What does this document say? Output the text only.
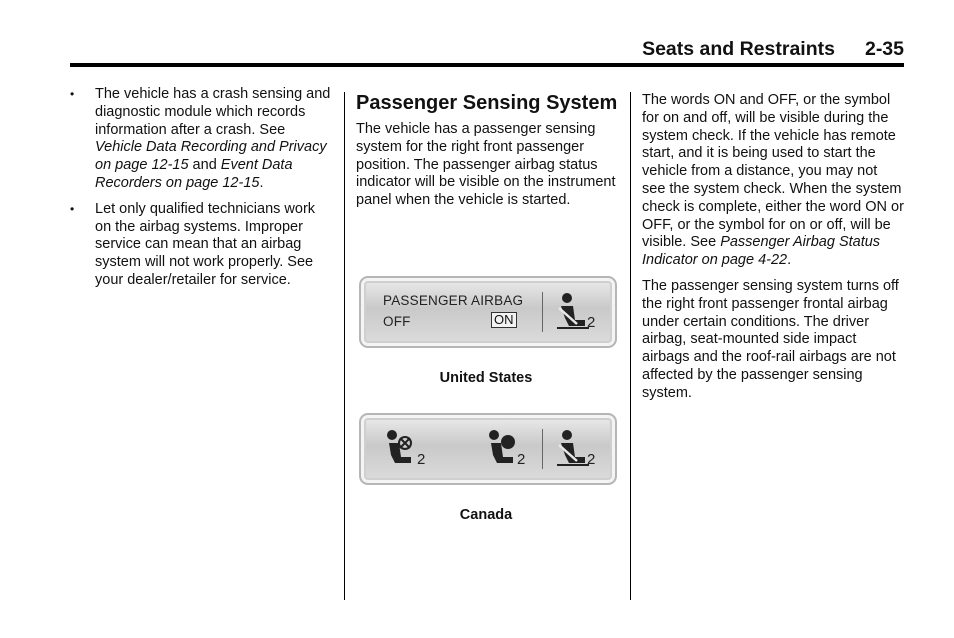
Seats and Restraints 2-35
• The vehicle has a crash sensing and diagnostic module which records information after a crash. See Vehicle Data Recording and Privacy on page 12-15 and Event Data Recorders on page 12-15.
• Let only qualified technicians work on the airbag systems. Improper service can mean that an airbag system will not work properly. See your dealer/retailer for service.
Passenger Sensing System

The vehicle has a passenger sensing system for the right front passenger position. The passenger airbag status indicator will be visible on the instrument panel when the vehicle is started.

PASSENGER AIRBAG
OFF	ON	2
United States
2	2	2
Canada

The words ON and OFF, or the symbol for on and off, will be visible during the system check. If the vehicle has remote start, and it is being used to start the vehicle from a distance, you may not see the system check. When the system check is complete, either the word ON or OFF, or the symbol for on or off, will be visible. See Passenger Airbag Status Indicator on page 4-22.

The passenger sensing system turns off the right front passenger frontal airbag under certain conditions. The driver airbag, seat-mounted side impact airbags and the roof-rail airbags are not affected by the passenger sensing system.
